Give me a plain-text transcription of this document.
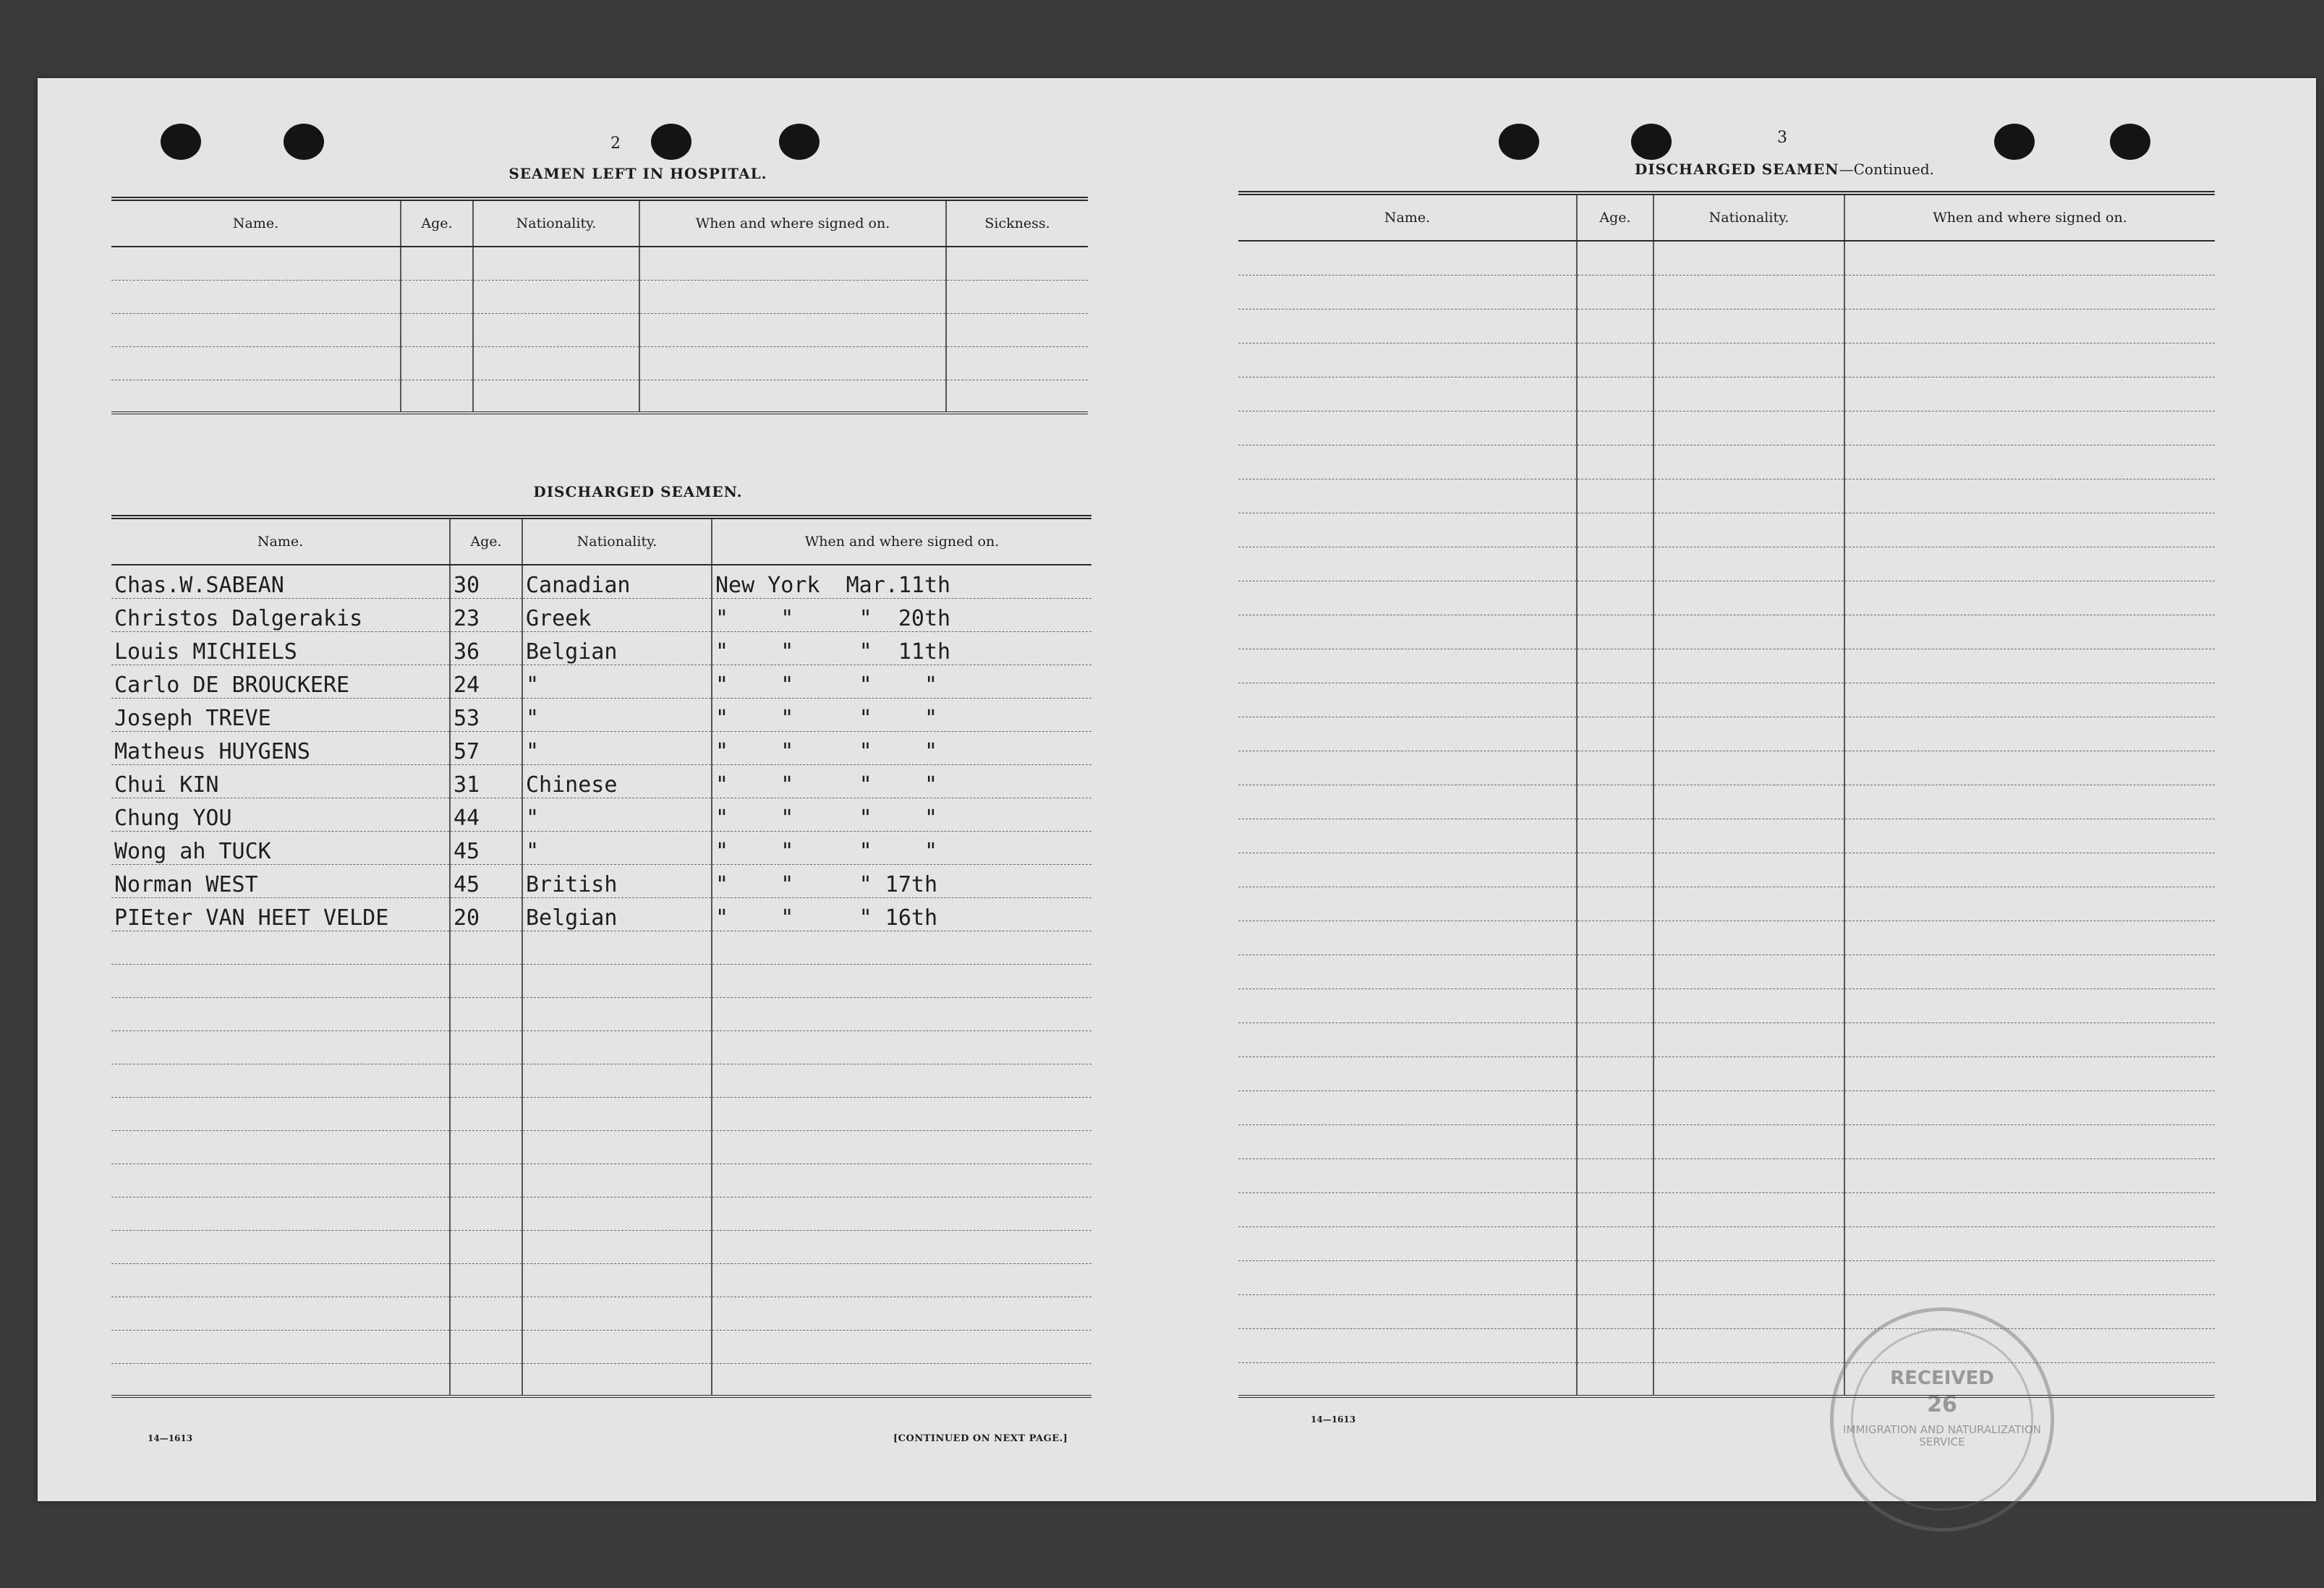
2
SEAMEN LEFT IN HOSPITAL.
Name.	Age.	Nationality.	When and where signed on.	Sickness.

DISCHARGED SEAMEN.
Name.	Age.	Nationality.	When and where signed on.
Chas.W.SABEAN	30	Canadian	New York  Mar.11th
Christos Dalgerakis	23	Greek	"    "     "  20th
Louis MICHIELS	36	Belgian	"    "     "  11th
Carlo DE BROUCKERE	24	"	"    "     "    "
Joseph TREVE	53	"	"    "     "    "
Matheus HUYGENS	57	"	"    "     "    "
Chui KIN	31	Chinese	"    "     "    "
Chung YOU	44	"	"    "     "    "
Wong ah TUCK	45	"	"    "     "    "
Norman WEST	45	British	"    "     " 17th
PIEter VAN HEET VELDE	20	Belgian	"    "     " 16th

14—1613	[CONTINUED ON NEXT PAGE.]
3
DISCHARGED SEAMEN—Continued.
Name.	Age.	Nationality.	When and where signed on.

14—1613
RECEIVED
26
IMMIGRATION AND NATURALIZATION SERVICE
